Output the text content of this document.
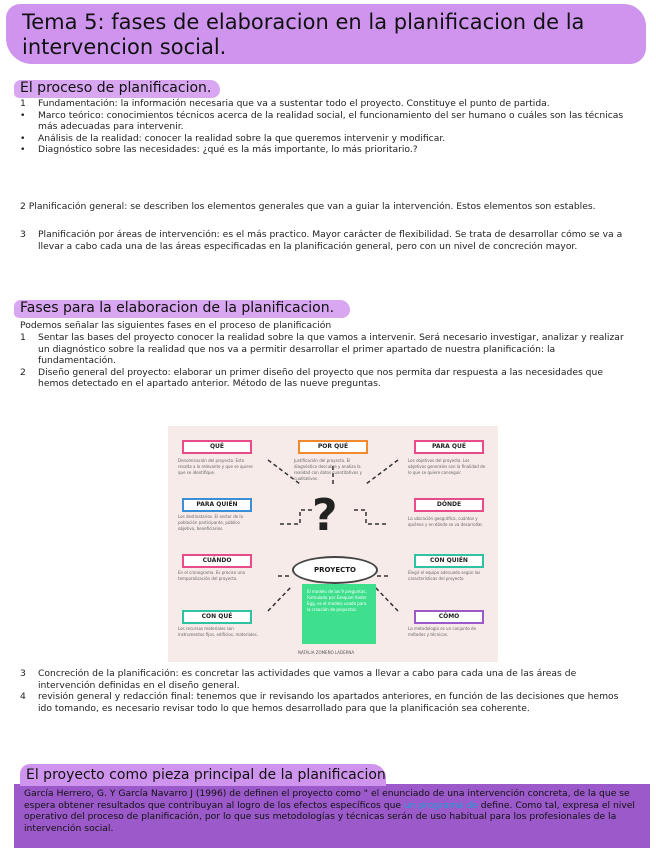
Tema 5: fases de elaboracion en la planificacion de la intervencion social.
El proceso de planificacion.
1 Fundamentación: la información necesaria que va a sustentar todo el proyecto. Constituye el punto de partida.
• Marco teórico: conocimientos técnicos acerca de la realidad social, el funcionamiento del ser humano o cuáles son las técnicas más adecuadas para intervenir.
• Análisis de la realidad: conocer la realidad sobre la que queremos intervenir y modificar.
• Diagnóstico sobre las necesidades: ¿qué es la más importante, lo más prioritario.?

2 Planificación general: se describen los elementos generales que van a guiar la intervención. Estos elementos son estables.

3 Planificación por áreas de intervención: es el más practico. Mayor carácter de flexibilidad. Se trata de desarrollar cómo se va a llevar a cabo cada una de las áreas especificadas en la planificación general, pero con un nivel de concreción mayor.
Fases para la elaboracion de la planificacion.

Podemos señalar las siguientes fases en el proceso de planificación

1 Sentar las bases del proyecto conocer la realidad sobre la que vamos a intervenir. Será necesario investigar, analizar y realizar un diagnóstico sobre la realidad que nos va a permitir desarrollar el primer apartado de nuestra planificación: la fundamentación.
2 Diseño general del proyecto: elaborar un primer diseño del proyecto que nos permita dar respuesta a las necesidades que hemos detectado en el apartado anterior. Método de las nueve preguntas.
QUÉ
Denominación del proyecto. Esto resalta a lo relevante y que se quiere que se identifique.
POR QUÉ
Justificación del proyecto. El diagnóstico descubre y analiza la realidad con datos cuantitativos y cualitativos.
PARA QUÉ
Los objetivos del proyecto. Los objetivos generales son la finalidad de lo que se quiere conseguir.
PARA QUIÉN
Los destinatarios. El sector de la población participante, público objetivo, beneficiarios.
DÓNDE
La ubicación geográfica, cuántos y quiénes y en dónde se va desarrollar.
CUÁNDO
En el cronograma. Es preciso una temporalización del proyecto.
CON QUIÉN
Elegir el equipo adecuado según las características del proyecto.
CON QUÉ
Los recursos materiales son instrumentos fijos, edificios, materiales.
CÓMO
La metodología es un conjunto de métodos y técnicas.
?
PROYECTO

El modelo de las 9 preguntas, formulado por Ezequiel Ander Egg, es el modelo usado para la creación de proyectos.

NATALIA ZOMEÑO LADERNA
3 Concreción de la planificación: es concretar las actividades que vamos a llevar a cabo para cada una de las áreas de intervención definidas en el diseño general.
4 revisión general y redacción final: tenemos que ir revisando los apartados anteriores, en función de las decisiones que hemos ido tomando, es necesario revisar todo lo que hemos desarrollado para que la planificación sea coherente.
El proyecto como pieza principal de la planificacion

García Herrero, G. Y García Navarro J (1996) de definen el proyecto como " el enunciado de una intervención concreta, de la que se espera obtener resultados que contribuyan al logro de los efectos específicos que un programa de define. Como tal, expresa el nivel operativo del proceso de planificación, por lo que sus metodologías y técnicas serán de uso habitual para los profesionales de la intervención social.
